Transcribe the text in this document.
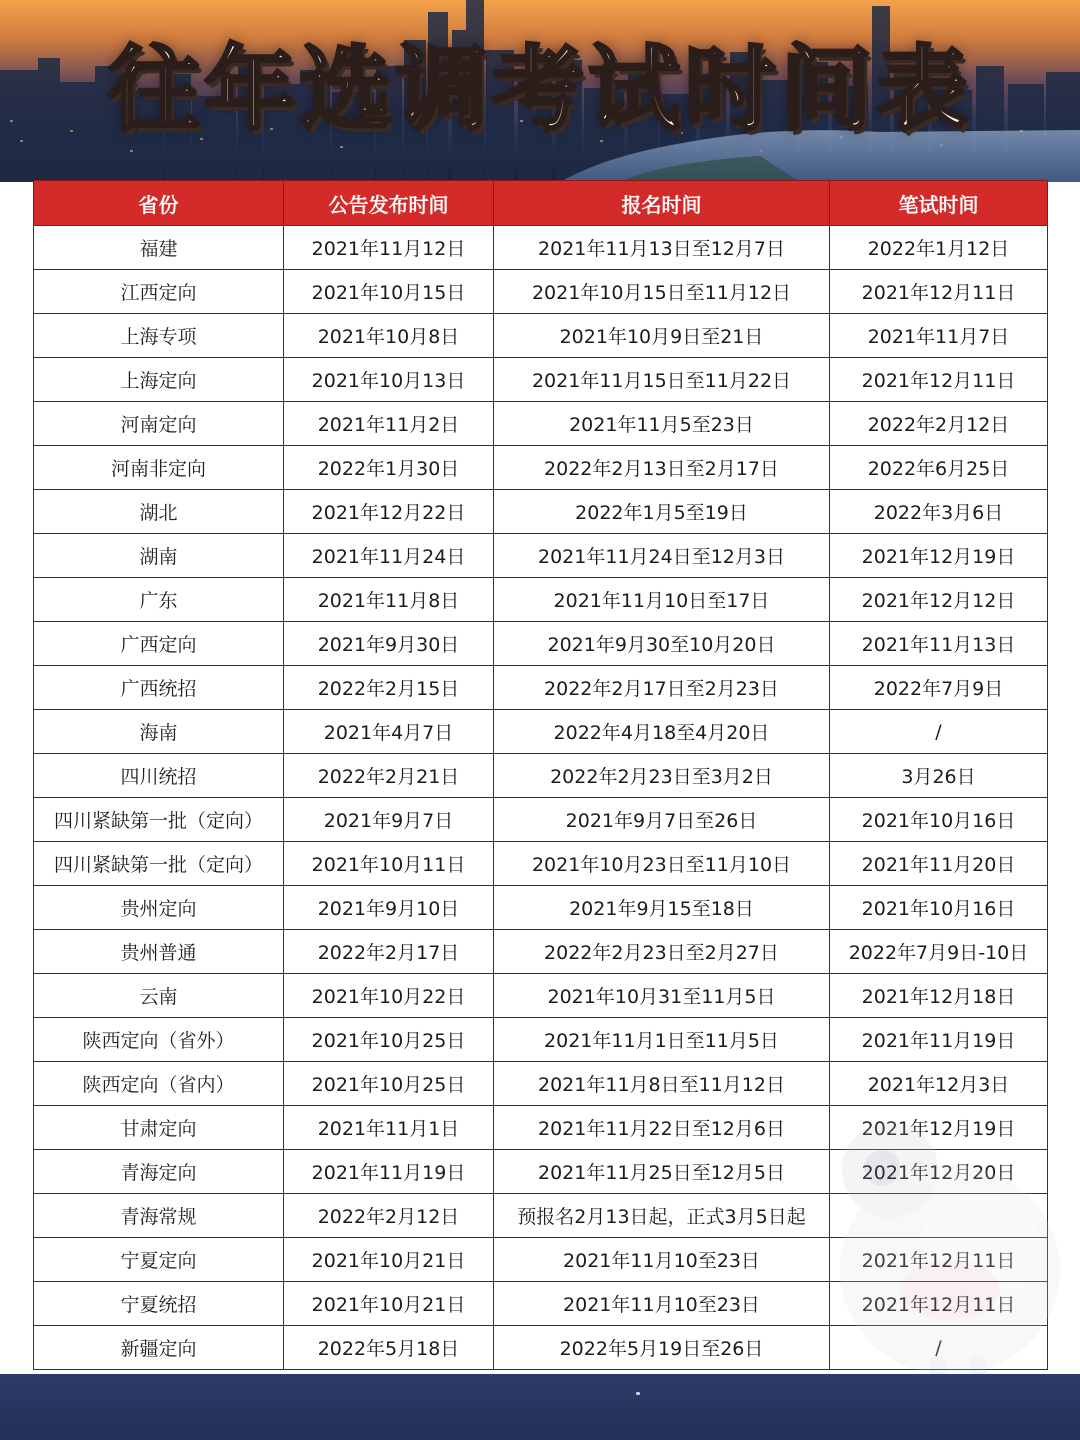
往年选调考试时间表
省份	公告发布时间	报名时间	笔试时间
福建	2021年11月12日	2021年11月13日至12月7日	2022年1月12日
江西定向	2021年10月15日	2021年10月15日至11月12日	2021年12月11日
上海专项	2021年10月8日	2021年10月9日至21日	2021年11月7日
上海定向	2021年10月13日	2021年11月15日至11月22日	2021年12月11日
河南定向	2021年11月2日	2021年11月5至23日	2022年2月12日
河南非定向	2022年1月30日	2022年2月13日至2月17日	2022年6月25日
湖北	2021年12月22日	2022年1月5至19日	2022年3月6日
湖南	2021年11月24日	2021年11月24日至12月3日	2021年12月19日
广东	2021年11月8日	2021年11月10日至17日	2021年12月12日
广西定向	2021年9月30日	2021年9月30至10月20日	2021年11月13日
广西统招	2022年2月15日	2022年2月17日至2月23日	2022年7月9日
海南	2021年4月7日	2022年4月18至4月20日	/
四川统招	2022年2月21日	2022年2月23日至3月2日	3月26日
四川紧缺第一批（定向）	2021年9月7日	2021年9月7日至26日	2021年10月16日
四川紧缺第一批（定向）	2021年10月11日	2021年10月23日至11月10日	2021年11月20日
贵州定向	2021年9月10日	2021年9月15至18日	2021年10月16日
贵州普通	2022年2月17日	2022年2月23日至2月27日	2022年7月9日-10日
云南	2021年10月22日	2021年10月31至11月5日	2021年12月18日
陕西定向（省外）	2021年10月25日	2021年11月1日至11月5日	2021年11月19日
陕西定向（省内）	2021年10月25日	2021年11月8日至11月12日	2021年12月3日
甘肃定向	2021年11月1日	2021年11月22日至12月6日	2021年12月19日
青海定向	2021年11月19日	2021年11月25日至12月5日	2021年12月20日
青海常规	2022年2月12日	预报名2月13日起，正式3月5日起	
宁夏定向	2021年10月21日	2021年11月10至23日	2021年12月11日
宁夏统招	2021年10月21日	2021年11月10至23日	2021年12月11日
新疆定向	2022年5月18日	2022年5月19日至26日	/
